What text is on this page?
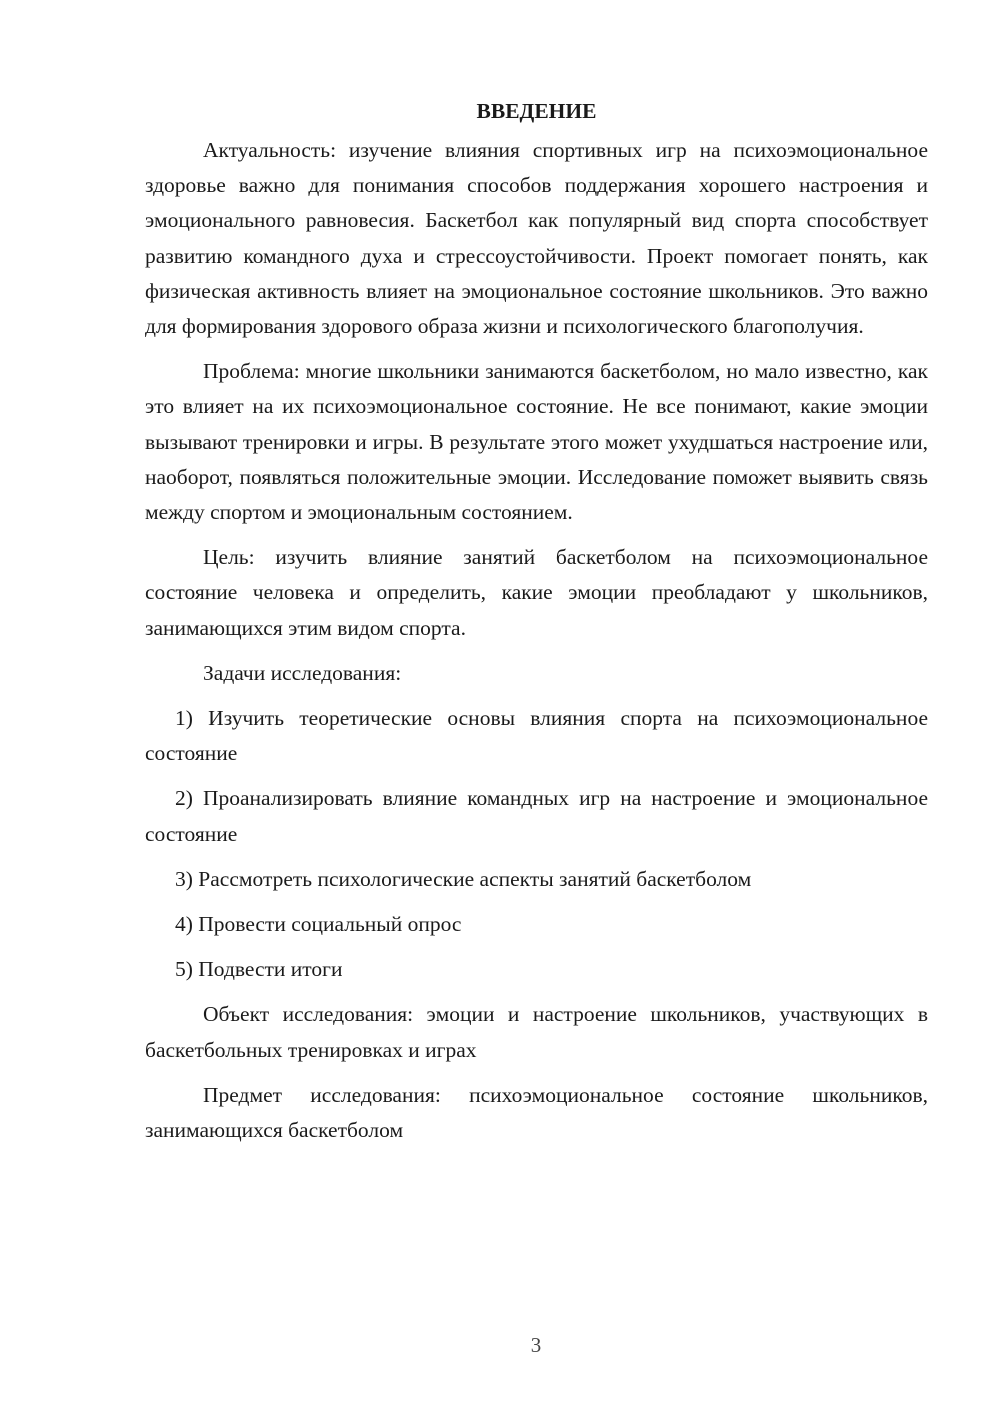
ВВЕДЕНИЕ

Актуальность: изучение влияния спортивных игр на психоэмоциональное здоровье важно для понимания способов поддержания хорошего настроения и эмоционального равновесия. Баскетбол как популярный вид спорта способствует развитию командного духа и стрессоустойчивости. Проект помогает понять, как физическая активность влияет на эмоциональное состояние школьников. Это важно для формирования здорового образа жизни и психологического благополучия.

Проблема: многие школьники занимаются баскетболом, но мало известно, как это влияет на их психоэмоциональное состояние. Не все понимают, какие эмоции вызывают тренировки и игры. В результате этого может ухудшаться настроение или, наоборот, появляться положительные эмоции. Исследование поможет выявить связь между спортом и эмоциональным состоянием.

Цель: изучить влияние занятий баскетболом на психоэмоциональное состояние человека и определить, какие эмоции преобладают у школьников, занимающихся этим видом спорта.

Задачи исследования:

1) Изучить теоретические основы влияния спорта на психоэмоциональное состояние

2) Проанализировать влияние командных игр на настроение и эмоциональное состояние

3) Рассмотреть психологические аспекты занятий баскетболом

4) Провести социальный опрос

5) Подвести итоги

Объект исследования: эмоции и настроение школьников, участвующих в баскетбольных тренировках и играх

Предмет исследования: психоэмоциональное состояние школьников, занимающихся баскетболом

3
